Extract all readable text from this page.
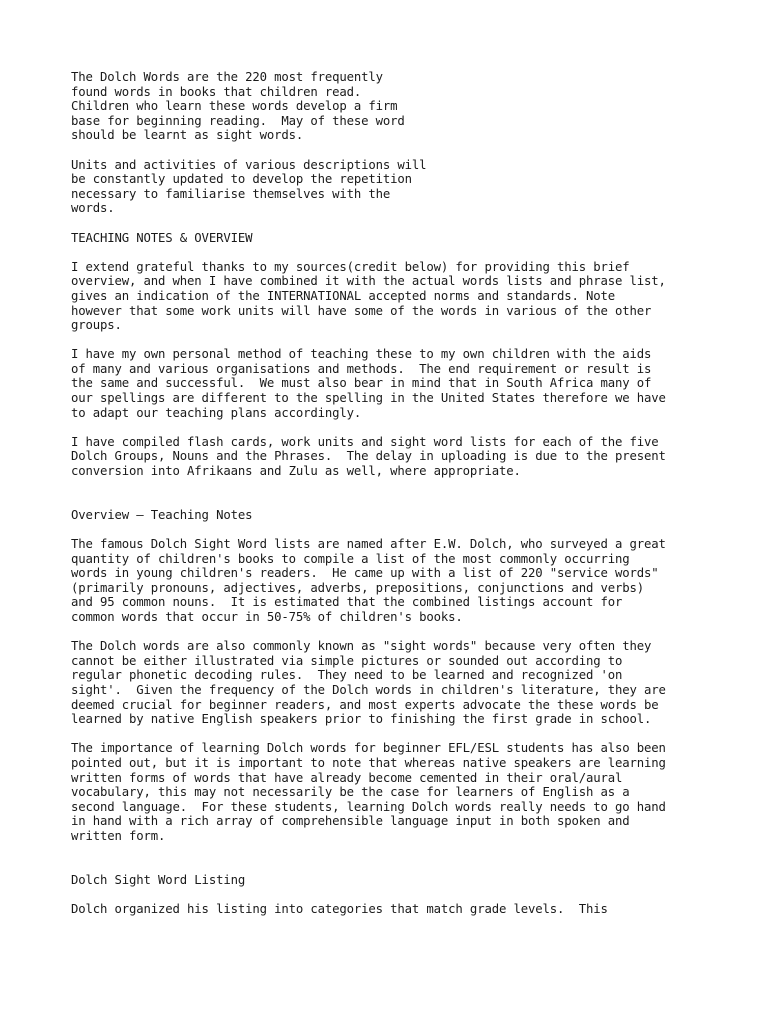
The Dolch Words are the 220 most frequently
found words in books that children read.
Children who learn these words develop a firm
base for beginning reading.  May of these word
should be learnt as sight words.

Units and activities of various descriptions will
be constantly updated to develop the repetition
necessary to familiarise themselves with the
words.

TEACHING NOTES & OVERVIEW

I extend grateful thanks to my sources(credit below) for providing this brief
overview, and when I have combined it with the actual words lists and phrase list,
gives an indication of the INTERNATIONAL accepted norms and standards. Note
however that some work units will have some of the words in various of the other
groups.

I have my own personal method of teaching these to my own children with the aids
of many and various organisations and methods.  The end requirement or result is
the same and successful.  We must also bear in mind that in South Africa many of
our spellings are different to the spelling in the United States therefore we have
to adapt our teaching plans accordingly.

I have compiled flash cards, work units and sight word lists for each of the five
Dolch Groups, Nouns and the Phrases.  The delay in uploading is due to the present
conversion into Afrikaans and Zulu as well, where appropriate.

Overview – Teaching Notes

The famous Dolch Sight Word lists are named after E.W. Dolch, who surveyed a great
quantity of children's books to compile a list of the most commonly occurring
words in young children's readers.  He came up with a list of 220 "service words"
(primarily pronouns, adjectives, adverbs, prepositions, conjunctions and verbs)
and 95 common nouns.  It is estimated that the combined listings account for
common words that occur in 50-75% of children's books.

The Dolch words are also commonly known as "sight words" because very often they
cannot be either illustrated via simple pictures or sounded out according to
regular phonetic decoding rules.  They need to be learned and recognized 'on
sight'.  Given the frequency of the Dolch words in children's literature, they are
deemed crucial for beginner readers, and most experts advocate the these words be
learned by native English speakers prior to finishing the first grade in school.

The importance of learning Dolch words for beginner EFL/ESL students has also been
pointed out, but it is important to note that whereas native speakers are learning
written forms of words that have already become cemented in their oral/aural
vocabulary, this may not necessarily be the case for learners of English as a
second language.  For these students, learning Dolch words really needs to go hand
in hand with a rich array of comprehensible language input in both spoken and
written form.

Dolch Sight Word Listing

Dolch organized his listing into categories that match grade levels.  This
